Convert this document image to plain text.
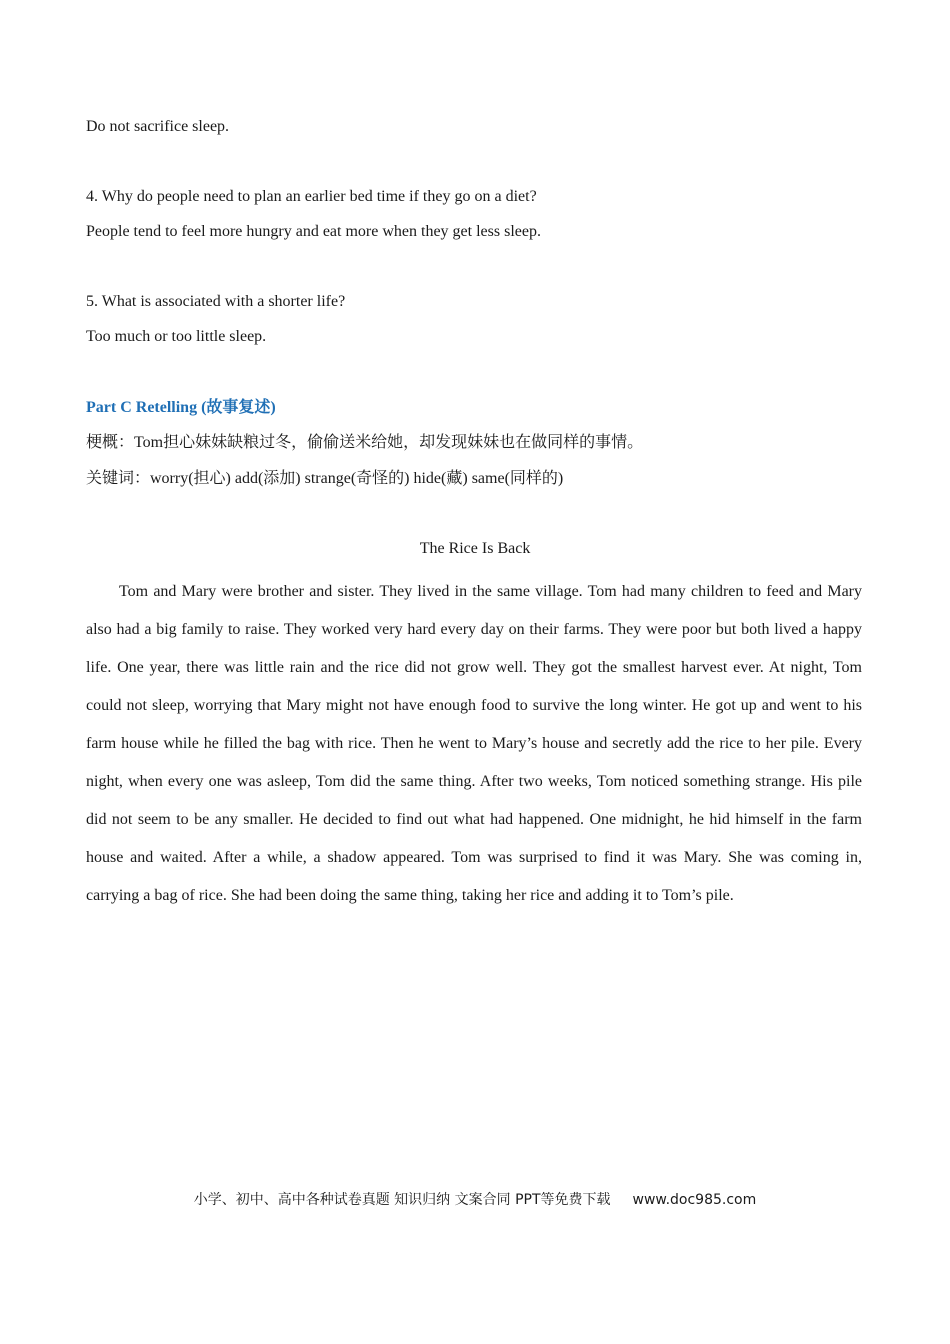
Do not sacrifice sleep.
4. Why do people need to plan an earlier bed time if they go on a diet?
People tend to feel more hungry and eat more when they get less sleep.
5. What is associated with a shorter life?
Too much or too little sleep.
Part C Retelling (故事复述)
梗概：Tom担心妹妹缺粮过冬，偷偷送米给她，却发现妹妹也在做同样的事情。
关键词：worry(担心) add(添加) strange(奇怪的) hide(藏) same(同样的)
The Rice Is Back

Tom and Mary were brother and sister. They lived in the same village. Tom had many children to feed and Mary also had a big family to raise. They worked very hard every day on their farms. They were poor but both lived a happy life. One year, there was little rain and the rice did not grow well. They got the smallest harvest ever. At night, Tom could not sleep, worrying that Mary might not have enough food to survive the long winter. He got up and went to his farm house while he filled the bag with rice. Then he went to Mary’s house and secretly add the rice to her pile. Every night, when every one was asleep, Tom did the same thing. After two weeks, Tom noticed something strange. His pile did not seem to be any smaller. He decided to find out what had happened. One midnight, he hid himself in the farm house and waited. After a while, a shadow appeared. Tom was surprised to find it was Mary. She was coming in, carrying a bag of rice. She had been doing the same thing, taking her rice and adding it to Tom’s pile.

小学、初中、高中各种试卷真题 知识归纳 文案合同 PPT等免费下载 www.doc985.com
